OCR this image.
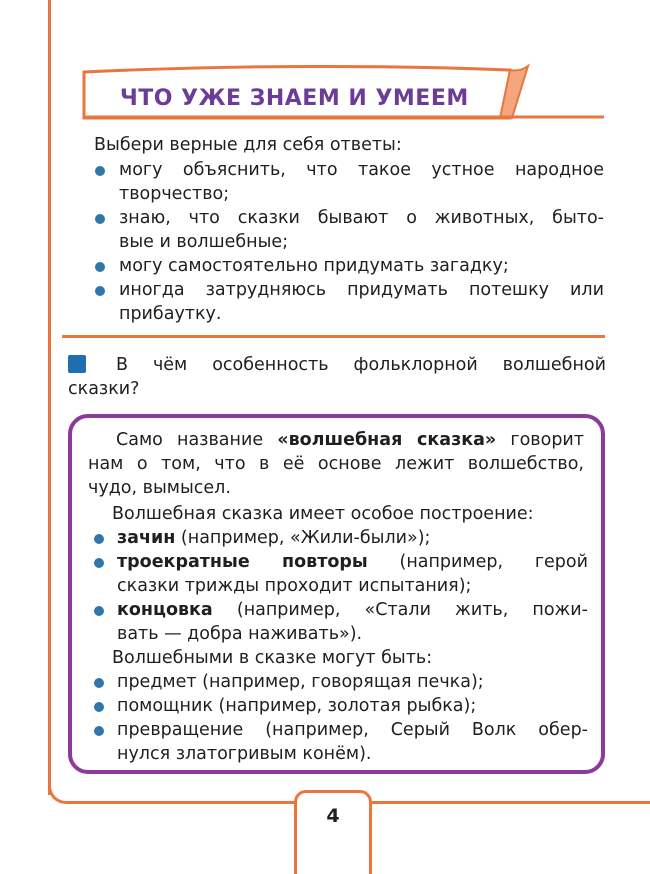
ЧТО УЖЕ ЗНАЕМ И УМЕЕМ
Выбери верные для себя ответы:
могу объяснить, что такое устное народное
творчество;
знаю, что сказки бывают о животных, быто-
вые и волшебные;
могу самостоятельно придумать загадку;
иногда затрудняюсь придумать потешку или
прибаутку.
В чём особенность фольклорной волшебной
сказки?
Само название «волшебная сказка» говорит
нам о том, что в её основе лежит волшебство,
чудо, вымысел.
Волшебная сказка имеет особое построение:
зачин (например, «Жили-были»);
троекратные повторы (например, герой
сказки трижды проходит испытания);
концовка (например, «Стали жить, пожи-
вать — добра наживать»).
Волшебными в сказке могут быть:
предмет (например, говорящая печка);
помощник (например, золотая рыбка);
превращение (например, Серый Волк обер-
нулся златогривым конём).
4
